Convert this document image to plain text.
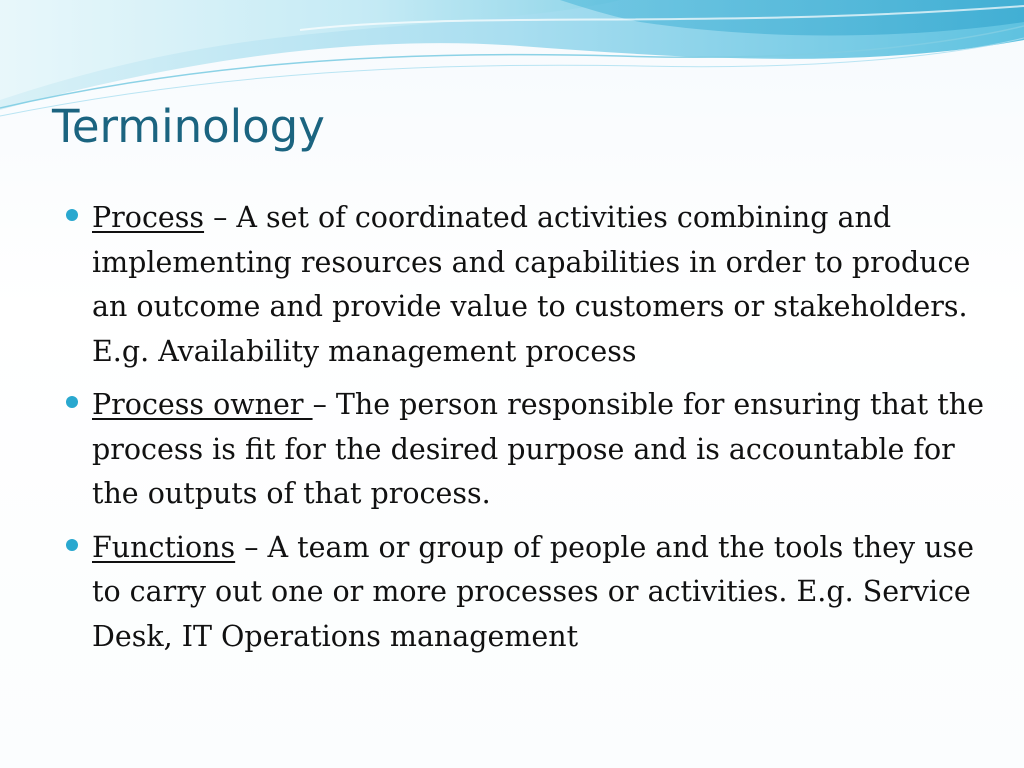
Terminology
Process – A set of coordinated activities combining and implementing resources and capabilities in order to produce an outcome and provide value to customers or stakeholders. E.g. Availability management process
Process owner – The person responsible for ensuring that the process is fit for the desired purpose and is accountable for the outputs of that process.
Functions – A team or group of people and the tools they use to carry out one or more processes or activities. E.g. Service Desk, IT Operations management
